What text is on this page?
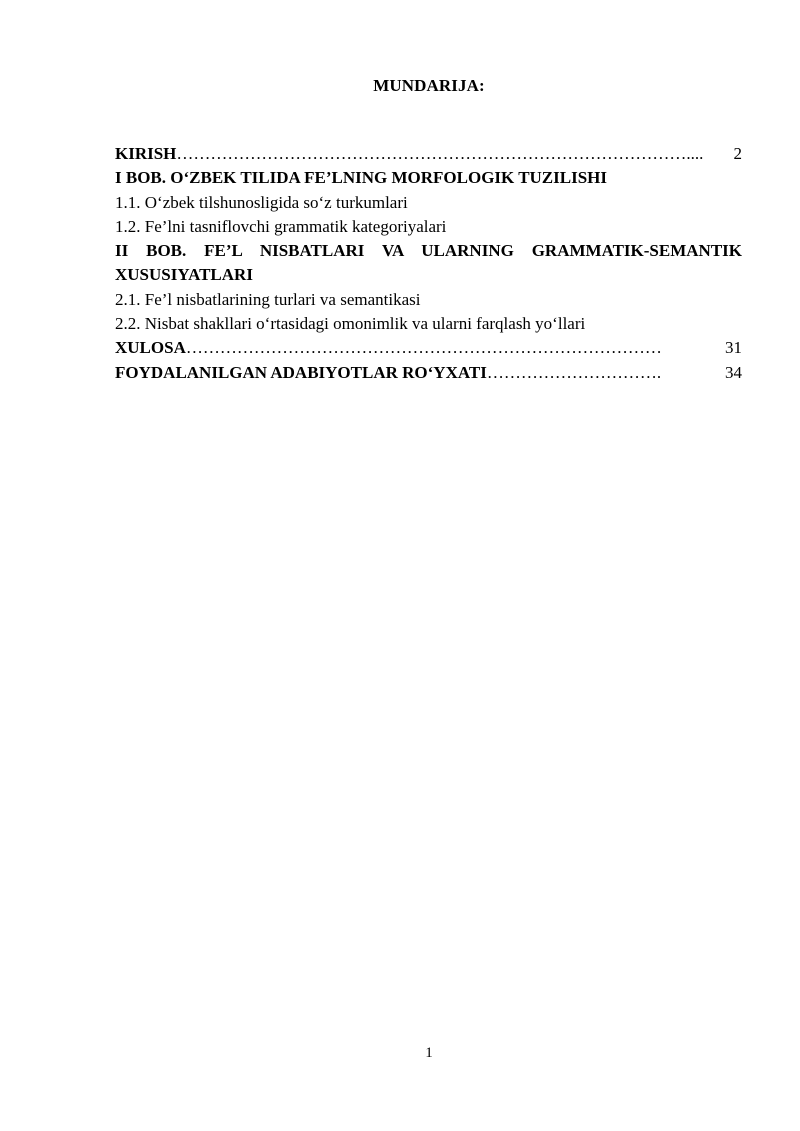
MUNDARIJA:
KIRISH ………………………………………………………………………………....	2
I BOB. O‘ZBEK TILIDA FE’LNING MORFOLOGIK TUZILISHI
1.1. O‘zbek tilshunosligida so‘z turkumlari
1.2. Fe’lni tasniflovchi grammatik kategoriyalari
II BOB. FE’L NISBATLARI VA ULARNING GRAMMATIK-SEMANTIK
XUSUSIYATLARI
2.1. Fe’l nisbatlarining turlari va semantikasi
2.2. Nisbat shakllari o‘rtasidagi omonimlik va ularni farqlash yo‘llari
XULOSA …………………………………………………………………………	31
FOYDALANILGAN ADABIYOTLAR RO‘YXATI ………………………….	34
1
